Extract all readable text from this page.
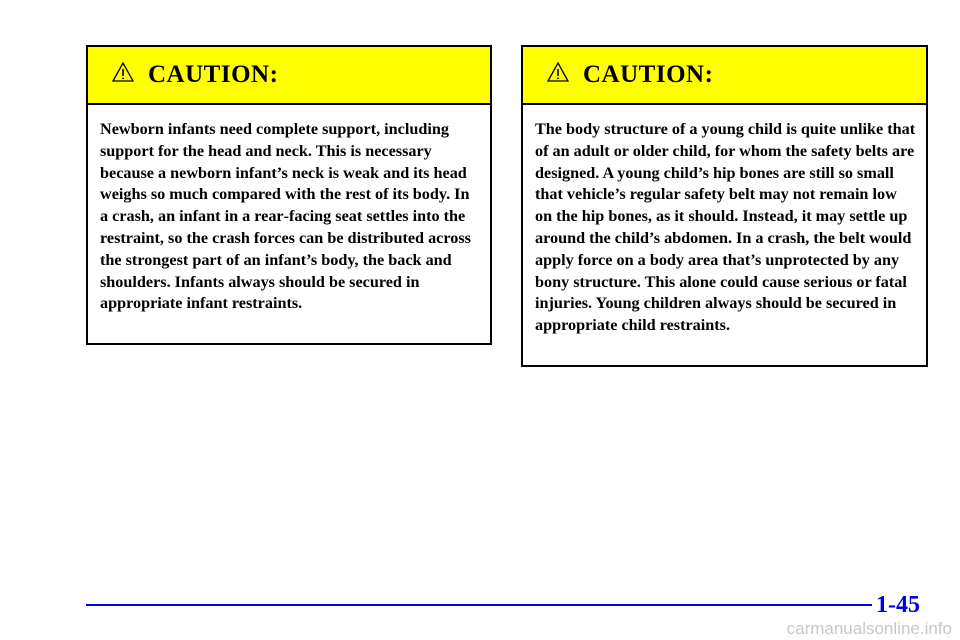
CAUTION:
Newborn infants need complete support, including support for the head and neck. This is necessary because a newborn infant’s neck is weak and its head weighs so much compared with the rest of its body. In a crash, an infant in a rear‐facing seat settles into the restraint, so the crash forces can be distributed across the strongest part of an infant’s body, the back and shoulders. Infants always should be secured in appropriate infant restraints.
CAUTION:
The body structure of a young child is quite unlike that of an adult or older child, for whom the safety belts are designed. A young child’s hip bones are still so small that vehicle’s regular safety belt may not remain low on the hip bones, as it should. Instead, it may settle up around the child’s abdomen. In a crash, the belt would apply force on a body area that’s unprotected by any bony structure. This alone could cause serious or fatal injuries. Young children always should be secured in appropriate child restraints.
1-45
carmanualsonline.info
